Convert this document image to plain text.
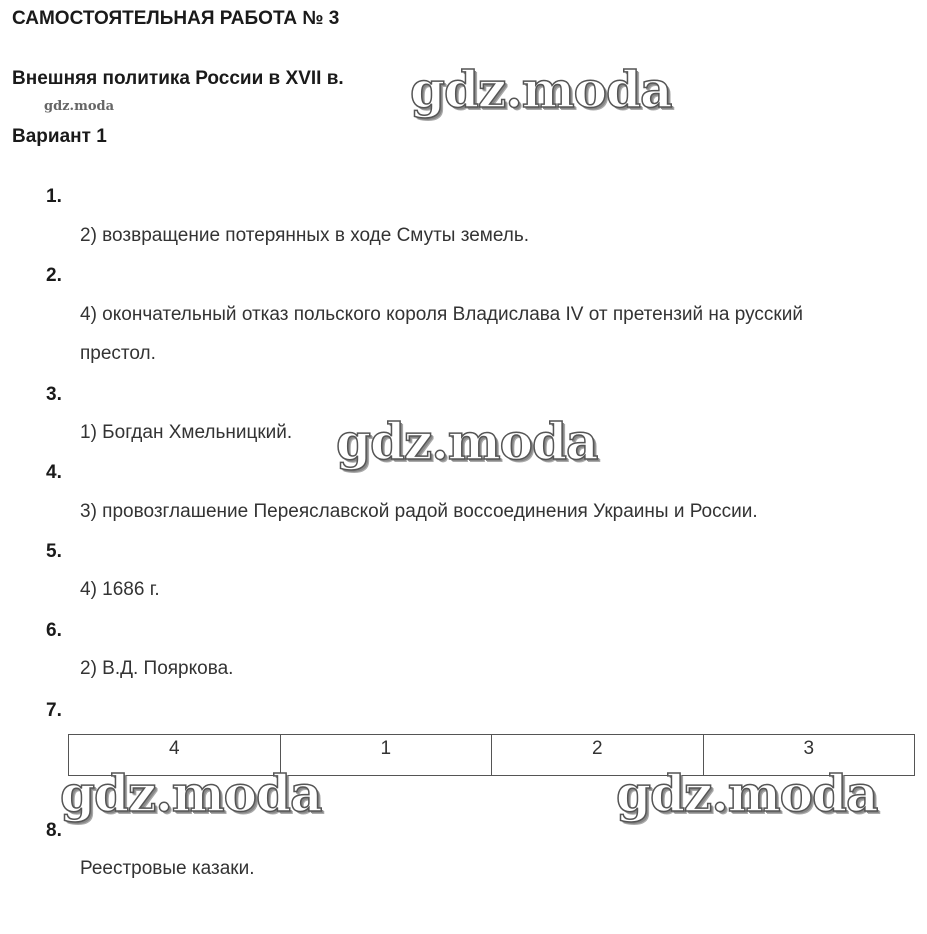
САМОСТОЯТЕЛЬНАЯ РАБОТА № 3
Внешняя политика России в XVII в.
gdz.moda
Вариант 1
1.
2) возвращение потерянных в ходе Смуты земель.
2.
4) окончательный отказ польского короля Владислава IV от претензий на русский престол.
3.
1) Богдан Хмельницкий.
4.
3) провозглашение Переяславской радой воссоединения Украины и России.
5.
4) 1686 г.
6.
2) В.Д. Пояркова.
7.
4	1	2	3
8.
Реестровые казаки.
gdz.moda
gdz.moda
gdz.moda	gdz.moda
